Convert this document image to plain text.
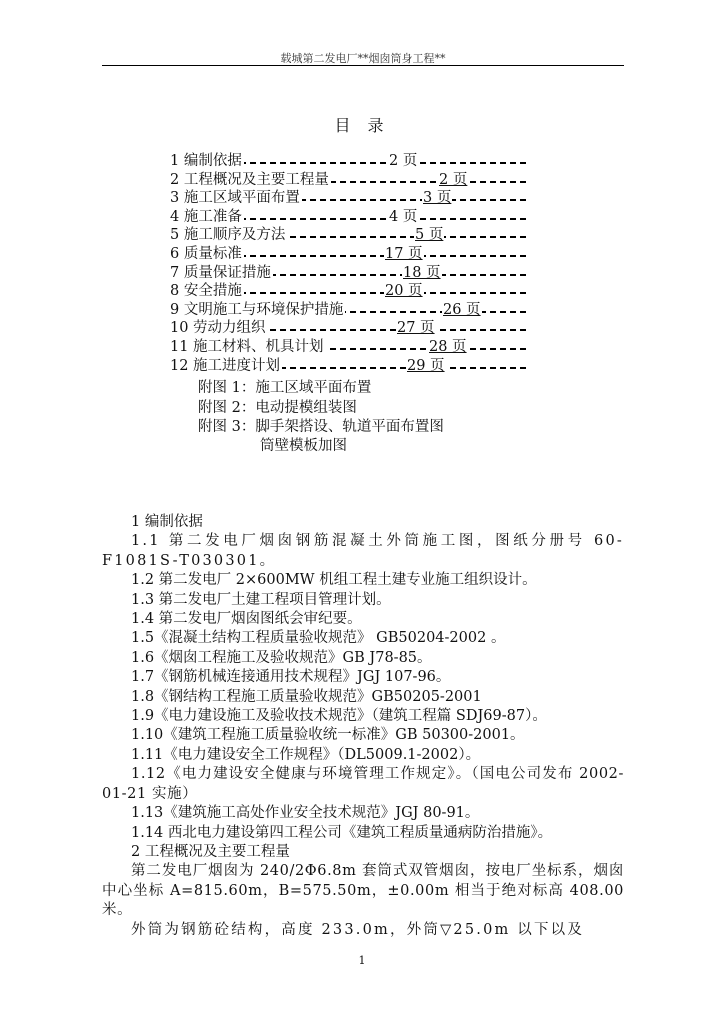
载城第二发电厂**烟囱筒身工程**
目 录
1 编制依据	2 页
2 工程概况及主要工程量	2 页
3 施工区域平面布置	3 页
4 施工准备	4 页
5 施工顺序及方法	5 页
6 质量标准	17 页
7 质量保证措施	18 页
8 安全措施	20 页
9 文明施工与环境保护措施	26 页
10 劳动力组织	27 页
11 施工材料、机具计划	28 页
12 施工进度计划	29 页
附图 1：施工区域平面布置
附图 2：电动提模组装图
附图 3：脚手架搭设、轨道平面布置图
筒壁模板加图

1 编制依据

1.1 第二发电厂烟囱钢筋混凝土外筒施工图，图纸分册号 60-F1081S-T030301。

1.2 第二发电厂 2×600MW 机组工程土建专业施工组织设计。

1.3 第二发电厂土建工程项目管理计划。

1.4 第二发电厂烟囱图纸会审纪要。

1.5《混凝土结构工程质量验收规范》 GB50204-2002 。

1.6《烟囱工程施工及验收规范》GB J78-85。

1.7《钢筋机械连接通用技术规程》JGJ 107-96。

1.8《钢结构工程施工质量验收规范》GB50205-2001

1.9《电力建设施工及验收技术规范》（建筑工程篇 SDJ69-87）。

1.10《建筑工程施工质量验收统一标准》GB 50300-2001。

1.11《电力建设安全工作规程》（DL5009.1-2002）。

1.12《电力建设安全健康与环境管理工作规定》。（国电公司发布 2002-01-21 实施）

1.13《建筑施工高处作业安全技术规范》JGJ 80-91。

1.14 西北电力建设第四工程公司《建筑工程质量通病防治措施》。

2 工程概况及主要工程量

第二发电厂烟囱为 240/2Φ6.8m 套筒式双管烟囱，按电厂坐标系，烟囱中心坐标 A=815.60m，B=575.50m，±0.00m 相当于绝对标高 408.00 米。

外筒为钢筋砼结构，高度 233.0m，外筒▽25.0m 以下以及

1
